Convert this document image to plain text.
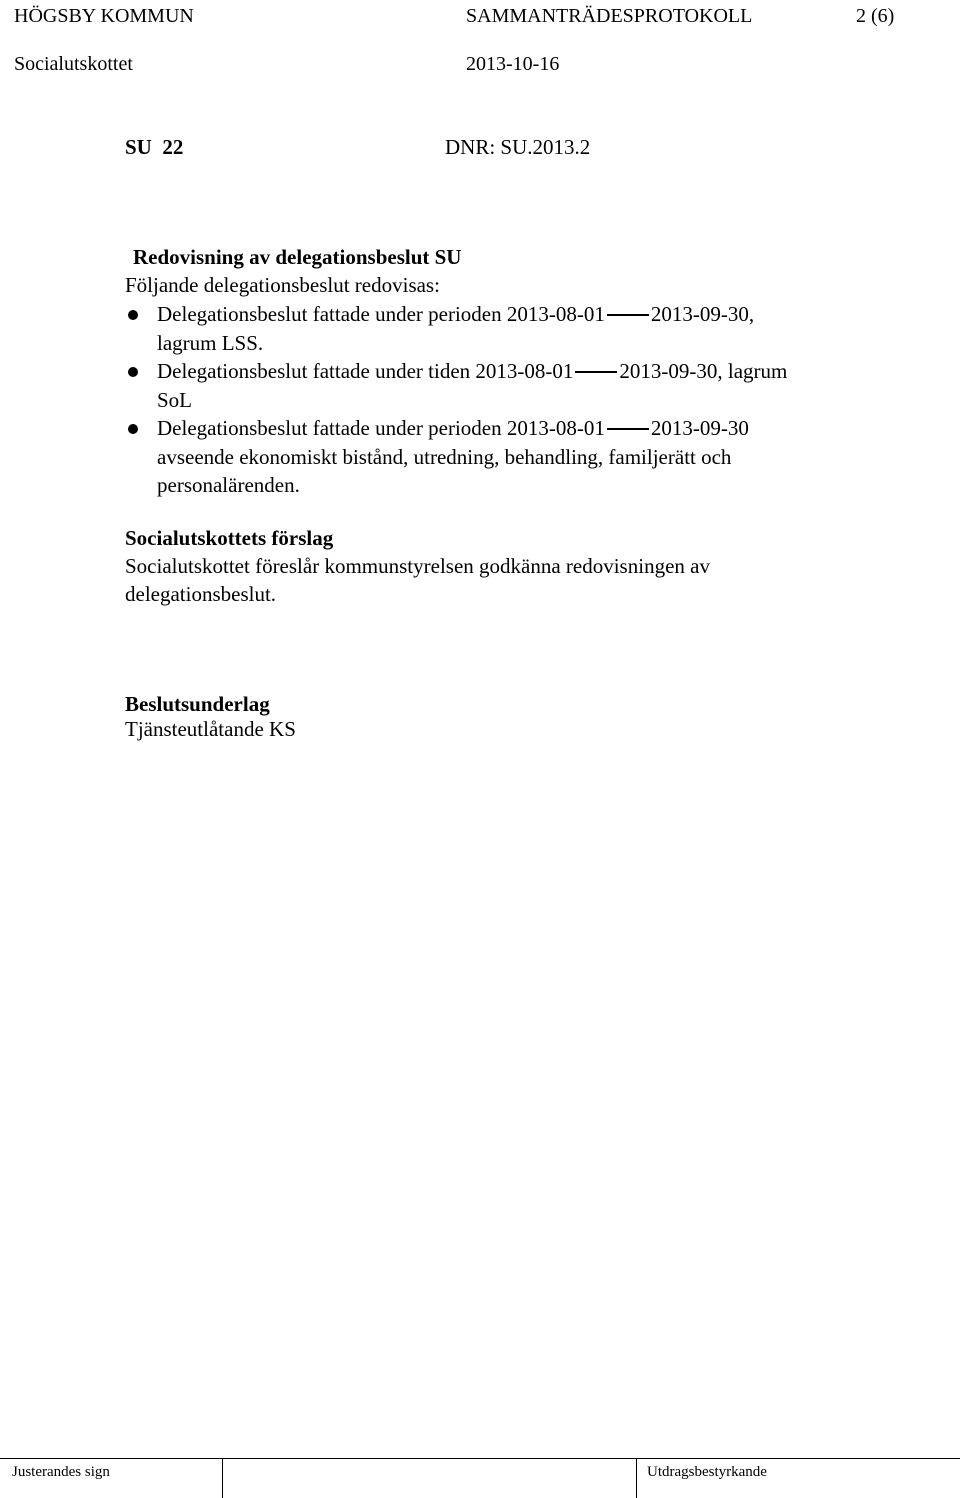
HÖGSBY KOMMUN	SAMMANTRÄDESPROTOKOLL	2 (6)
Socialutskottet	2013-10-16
SU  22	DNR: SU.2013.2
Redovisning av delegationsbeslut SU
Följande delegationsbeslut redovisas:
Delegationsbeslut fattade under perioden 2013-08-01 2013-09-30,
lagrum LSS.
Delegationsbeslut fattade under tiden 2013-08-01 2013-09-30, lagrum
SoL
Delegationsbeslut fattade under perioden 2013-08-01 2013-09-30
avseende ekonomiskt bistånd, utredning, behandling, familjerätt och personalärenden.
Socialutskottets förslag
Socialutskottet föreslår kommunstyrelsen godkänna redovisningen av
delegationsbeslut.
Beslutsunderlag
Tjänsteutlåtande KS
Justerandes sign	Utdragsbestyrkande
